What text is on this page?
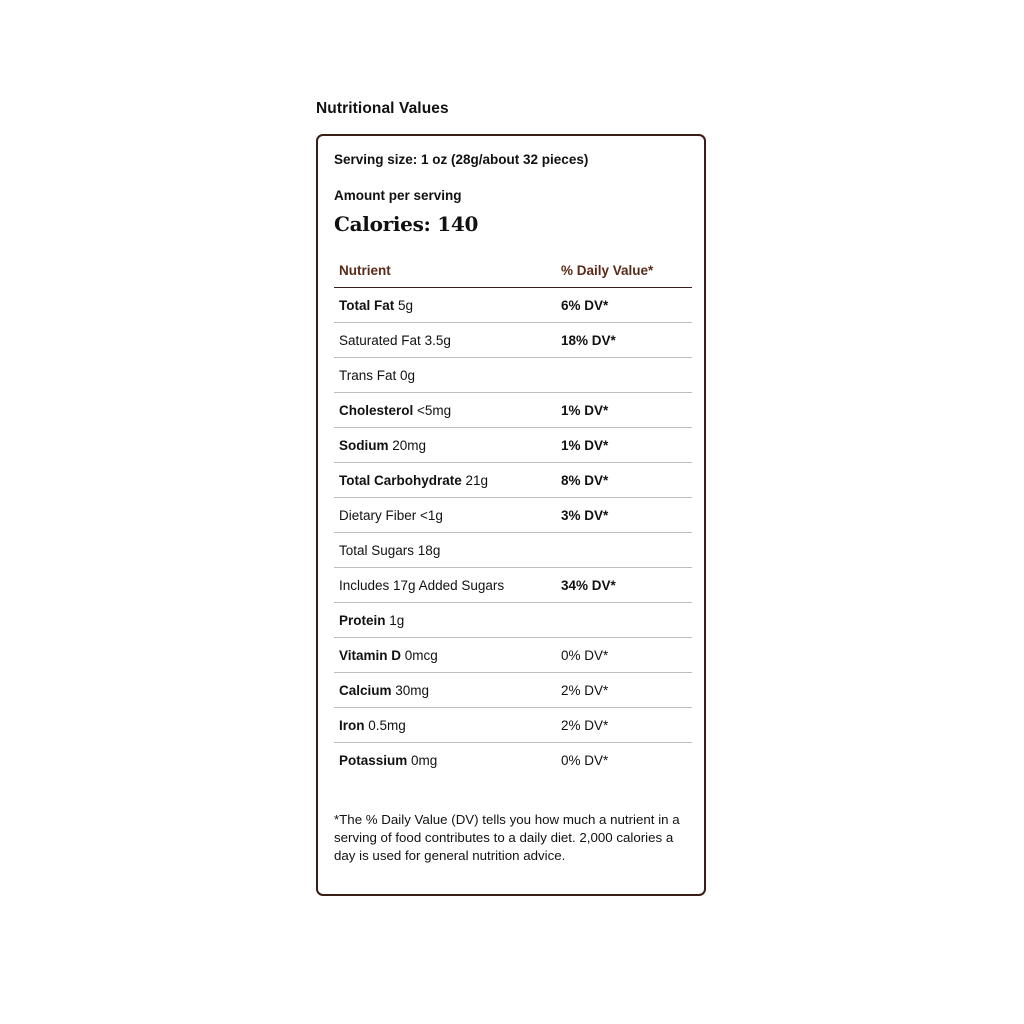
Nutritional Values
Serving size: 1 oz (28g/about 32 pieces)
Amount per serving
Calories: 140
Nutrient	% Daily Value*
Total Fat 5g	6% DV*
Saturated Fat 3.5g	18% DV*
Trans Fat 0g
Cholesterol <5mg	1% DV*
Sodium 20mg	1% DV*
Total Carbohydrate 21g	8% DV*
Dietary Fiber <1g	3% DV*
Total Sugars 18g
Includes 17g Added Sugars	34% DV*
Protein 1g
Vitamin D 0mcg	0% DV*
Calcium 30mg	2% DV*
Iron 0.5mg	2% DV*
Potassium 0mg	0% DV*

*The % Daily Value (DV) tells you how much a nutrient in a serving of food contributes to a daily diet. 2,000 calories a day is used for general nutrition advice.
